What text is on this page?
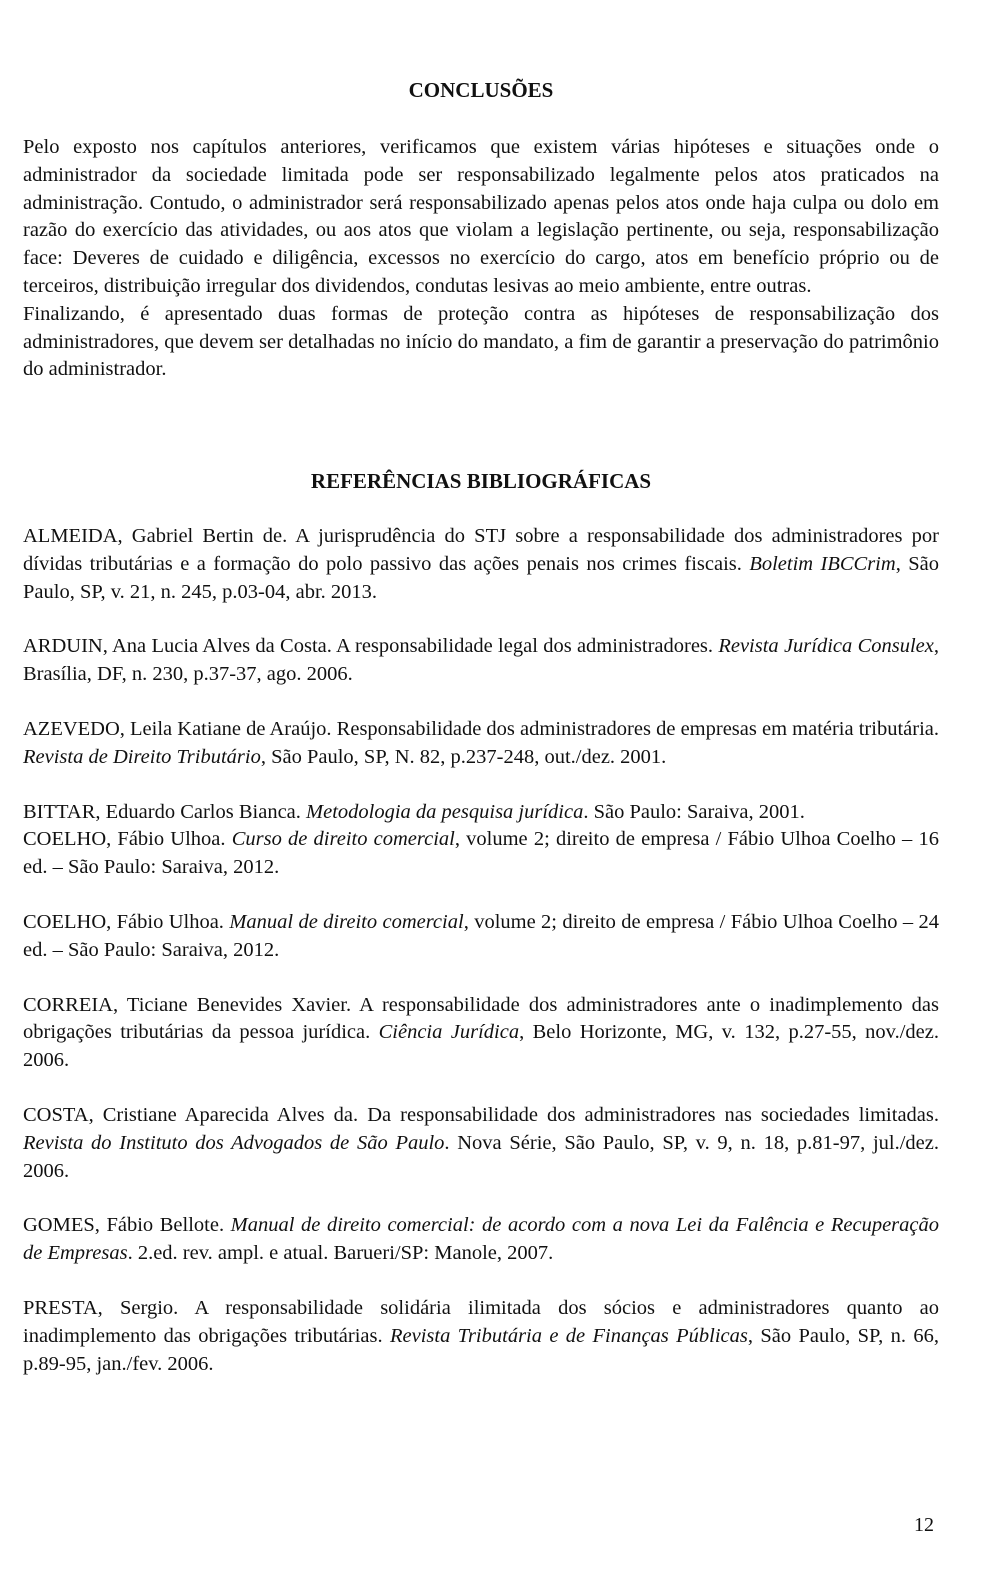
CONCLUSÕES

Pelo exposto nos capítulos anteriores, verificamos que existem várias hipóteses e situações onde o administrador da sociedade limitada pode ser responsabilizado legalmente pelos atos praticados na administração. Contudo, o administrador será responsabilizado apenas pelos atos onde haja culpa ou dolo em razão do exercício das atividades, ou aos atos que violam a legislação pertinente, ou seja, responsabilização face: Deveres de cuidado e diligência, excessos no exercício do cargo, atos em benefício próprio ou de terceiros, distribuição irregular dos dividendos, condutas lesivas ao meio ambiente, entre outras.

Finalizando, é apresentado duas formas de proteção contra as hipóteses de responsabilização dos administradores, que devem ser detalhadas no início do mandato, a fim de garantir a preservação do patrimônio do administrador.

REFERÊNCIAS BIBLIOGRÁFICAS

ALMEIDA, Gabriel Bertin de. A jurisprudência do STJ sobre a responsabilidade dos administradores por dívidas tributárias e a formação do polo passivo das ações penais nos crimes fiscais. Boletim IBCCrim, São Paulo, SP, v. 21, n. 245, p.03-04, abr. 2013.

ARDUIN, Ana Lucia Alves da Costa. A responsabilidade legal dos administradores. Revista Jurídica Consulex, Brasília, DF, n. 230, p.37-37, ago. 2006.

AZEVEDO, Leila Katiane de Araújo. Responsabilidade dos administradores de empresas em matéria tributária. Revista de Direito Tributário, São Paulo, SP, N. 82, p.237-248, out./dez. 2001.

BITTAR, Eduardo Carlos Bianca. Metodologia da pesquisa jurídica. São Paulo: Saraiva, 2001.

COELHO, Fábio Ulhoa. Curso de direito comercial, volume 2; direito de empresa / Fábio Ulhoa Coelho – 16 ed. – São Paulo: Saraiva, 2012.

COELHO, Fábio Ulhoa. Manual de direito comercial, volume 2; direito de empresa / Fábio Ulhoa Coelho – 24 ed. – São Paulo: Saraiva, 2012.

CORREIA, Ticiane Benevides Xavier. A responsabilidade dos administradores ante o inadimplemento das obrigações tributárias da pessoa jurídica. Ciência Jurídica, Belo Horizonte, MG, v. 132, p.27-55, nov./dez. 2006.

COSTA, Cristiane Aparecida Alves da. Da responsabilidade dos administradores nas sociedades limitadas. Revista do Instituto dos Advogados de São Paulo. Nova Série, São Paulo, SP, v. 9, n. 18, p.81-97, jul./dez. 2006.

GOMES, Fábio Bellote. Manual de direito comercial: de acordo com a nova Lei da Falência e Recuperação de Empresas. 2.ed. rev. ampl. e atual. Barueri/SP: Manole, 2007.

PRESTA, Sergio. A responsabilidade solidária ilimitada dos sócios e administradores quanto ao inadimplemento das obrigações tributárias. Revista Tributária e de Finanças Públicas, São Paulo, SP, n. 66, p.89-95, jan./fev. 2006.

12
